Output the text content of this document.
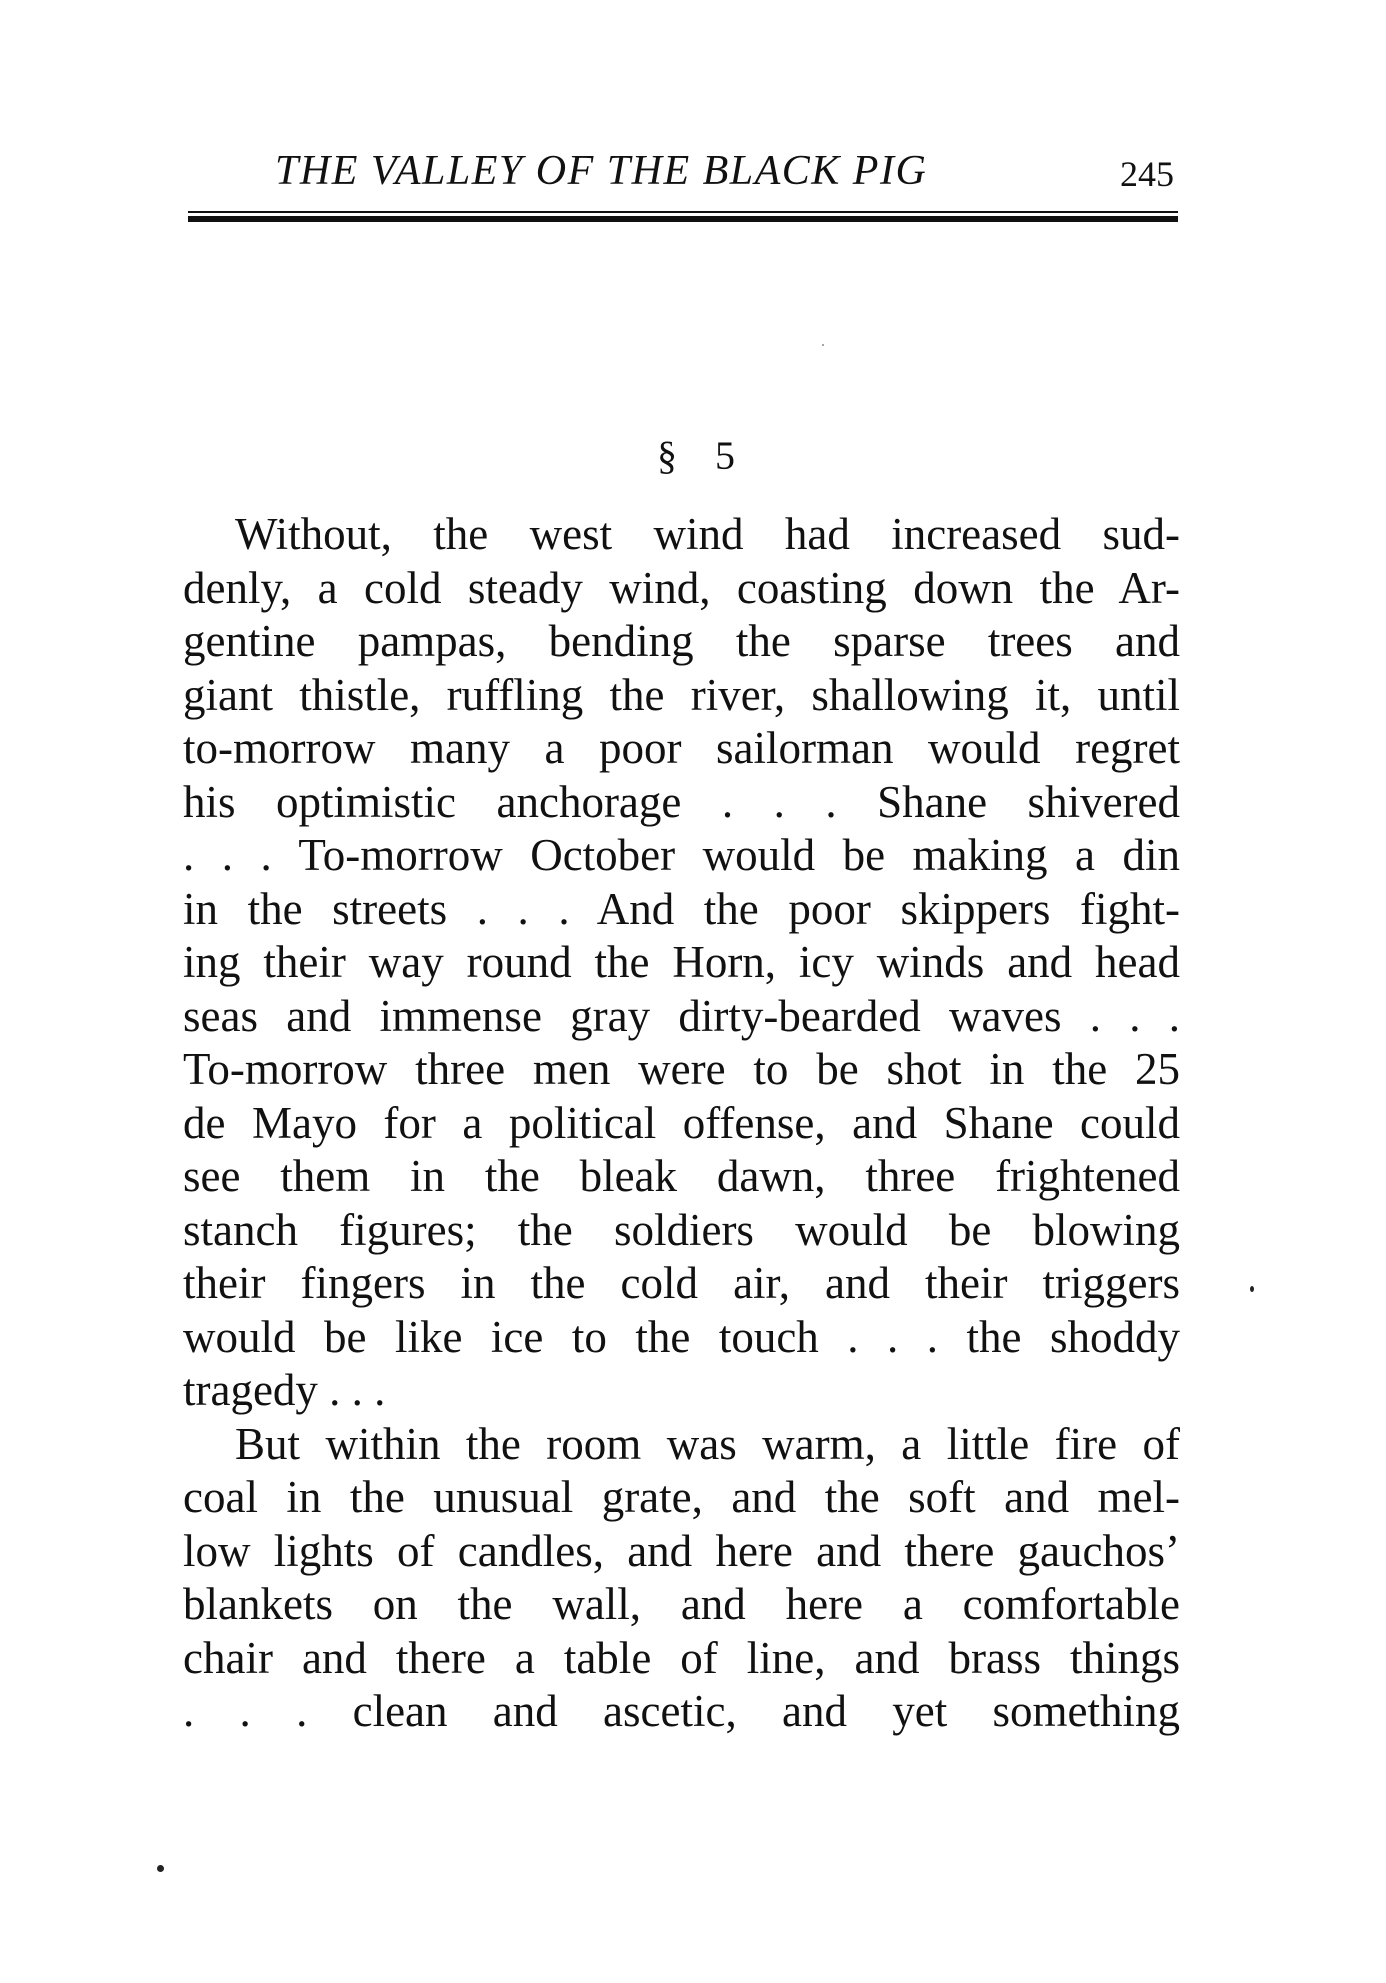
THE VALLEY OF THE BLACK PIG	245
§ 5
Without, the west wind had increased sud-
denly, a cold steady wind, coasting down the Ar-
gentine pampas, bending the sparse trees and
giant thistle, ruffling the river, shallowing it, until
to-morrow many a poor sailorman would regret
his optimistic anchorage . . . Shane shivered
. . . To-morrow October would be making a din
in the streets . . . And the poor skippers fight-
ing their way round the Horn, icy winds and head
seas and immense gray dirty-bearded waves . . .
To-morrow three men were to be shot in the 25
de Mayo for a political offense, and Shane could
see them in the bleak dawn, three frightened
stanch figures; the soldiers would be blowing
their fingers in the cold air, and their triggers
would be like ice to the touch . . . the shoddy
tragedy . . .
But within the room was warm, a little fire of
coal in the unusual grate, and the soft and mel-
low lights of candles, and here and there gauchos’
blankets on the wall, and here a comfortable
chair and there a table of line, and brass things
. . . clean and ascetic, and yet something
